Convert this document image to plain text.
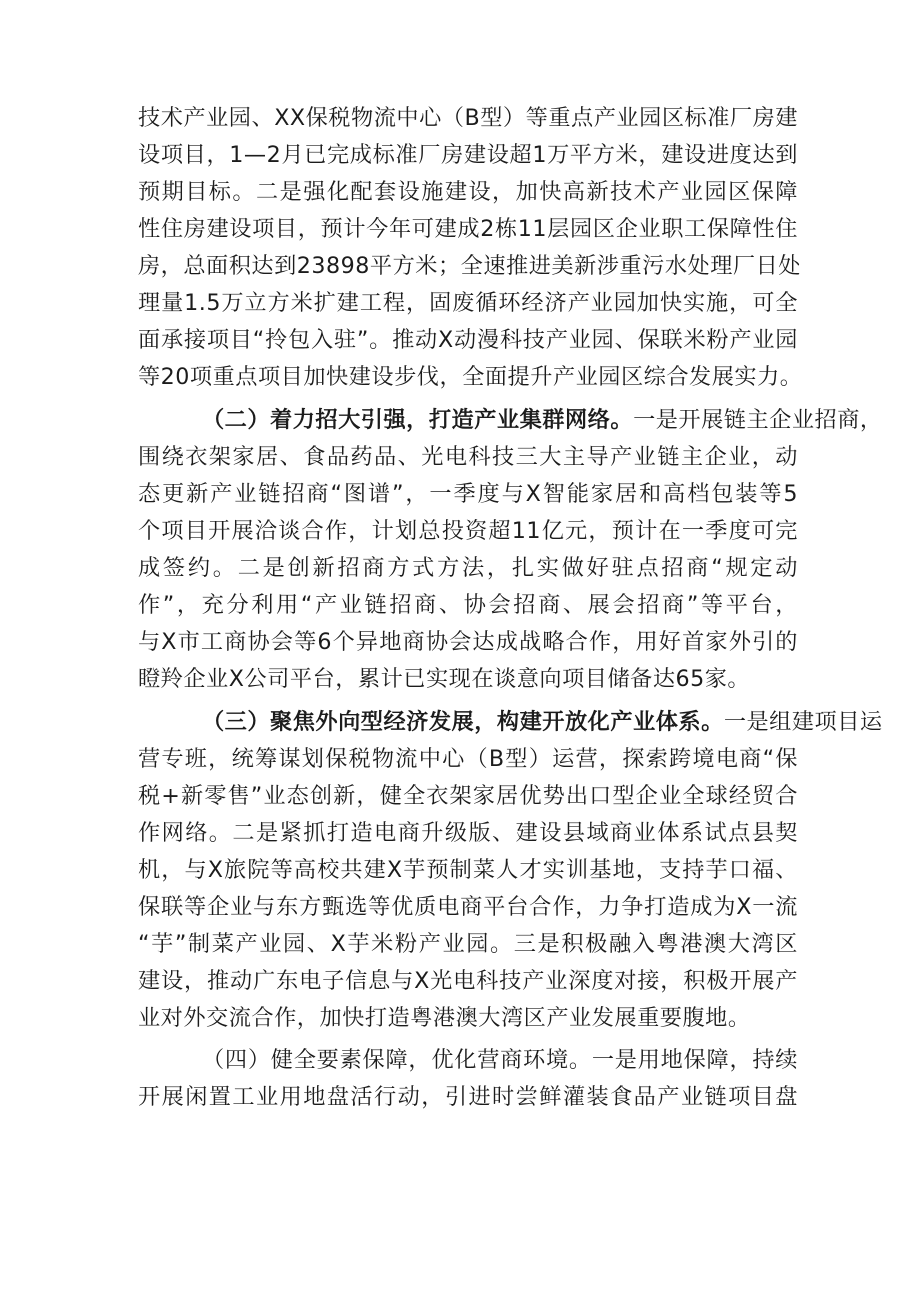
技术产业园、XX保税物流中心（B型）等重点产业园区标准厂房建
设项目，1—2月已完成标准厂房建设超1万平方米，建设进度达到
预期目标。二是强化配套设施建设，加快高新技术产业园区保障
性住房建设项目，预计今年可建成2栋11层园区企业职工保障性住
房，总面积达到23898平方米；全速推进美新涉重污水处理厂日处
理量1.5万立方米扩建工程，固废循环经济产业园加快实施，可全
面承接项目“拎包入驻”。推动X动漫科技产业园、保联米粉产业园
等20项重点项目加快建设步伐，全面提升产业园区综合发展实力。
（二）着力招大引强，打造产业集群网络。一是开展链主企业招商，
围绕衣架家居、食品药品、光电科技三大主导产业链主企业，动
态更新产业链招商“图谱”，一季度与X智能家居和高档包装等5
个项目开展洽谈合作，计划总投资超11亿元，预计在一季度可完
成签约。二是创新招商方式方法，扎实做好驻点招商“规定动
作”，充分利用“产业链招商、协会招商、展会招商”等平台，
与X市工商协会等6个异地商协会达成战略合作，用好首家外引的
瞪羚企业X公司平台，累计已实现在谈意向项目储备达65家。
（三）聚焦外向型经济发展，构建开放化产业体系。一是组建项目运
营专班，统筹谋划保税物流中心（B型）运营，探索跨境电商“保
税+新零售”业态创新，健全衣架家居优势出口型企业全球经贸合
作网络。二是紧抓打造电商升级版、建设县域商业体系试点县契
机，与X旅院等高校共建X芋预制菜人才实训基地，支持芋口福、
保联等企业与东方甄选等优质电商平台合作，力争打造成为X一流
“芋”制菜产业园、X芋米粉产业园。三是积极融入粤港澳大湾区
建设，推动广东电子信息与X光电科技产业深度对接，积极开展产
业对外交流合作，加快打造粤港澳大湾区产业发展重要腹地。
（四）健全要素保障，优化营商环境。一是用地保障，持续
开展闲置工业用地盘活行动，引进时尝鲜灌装食品产业链项目盘
